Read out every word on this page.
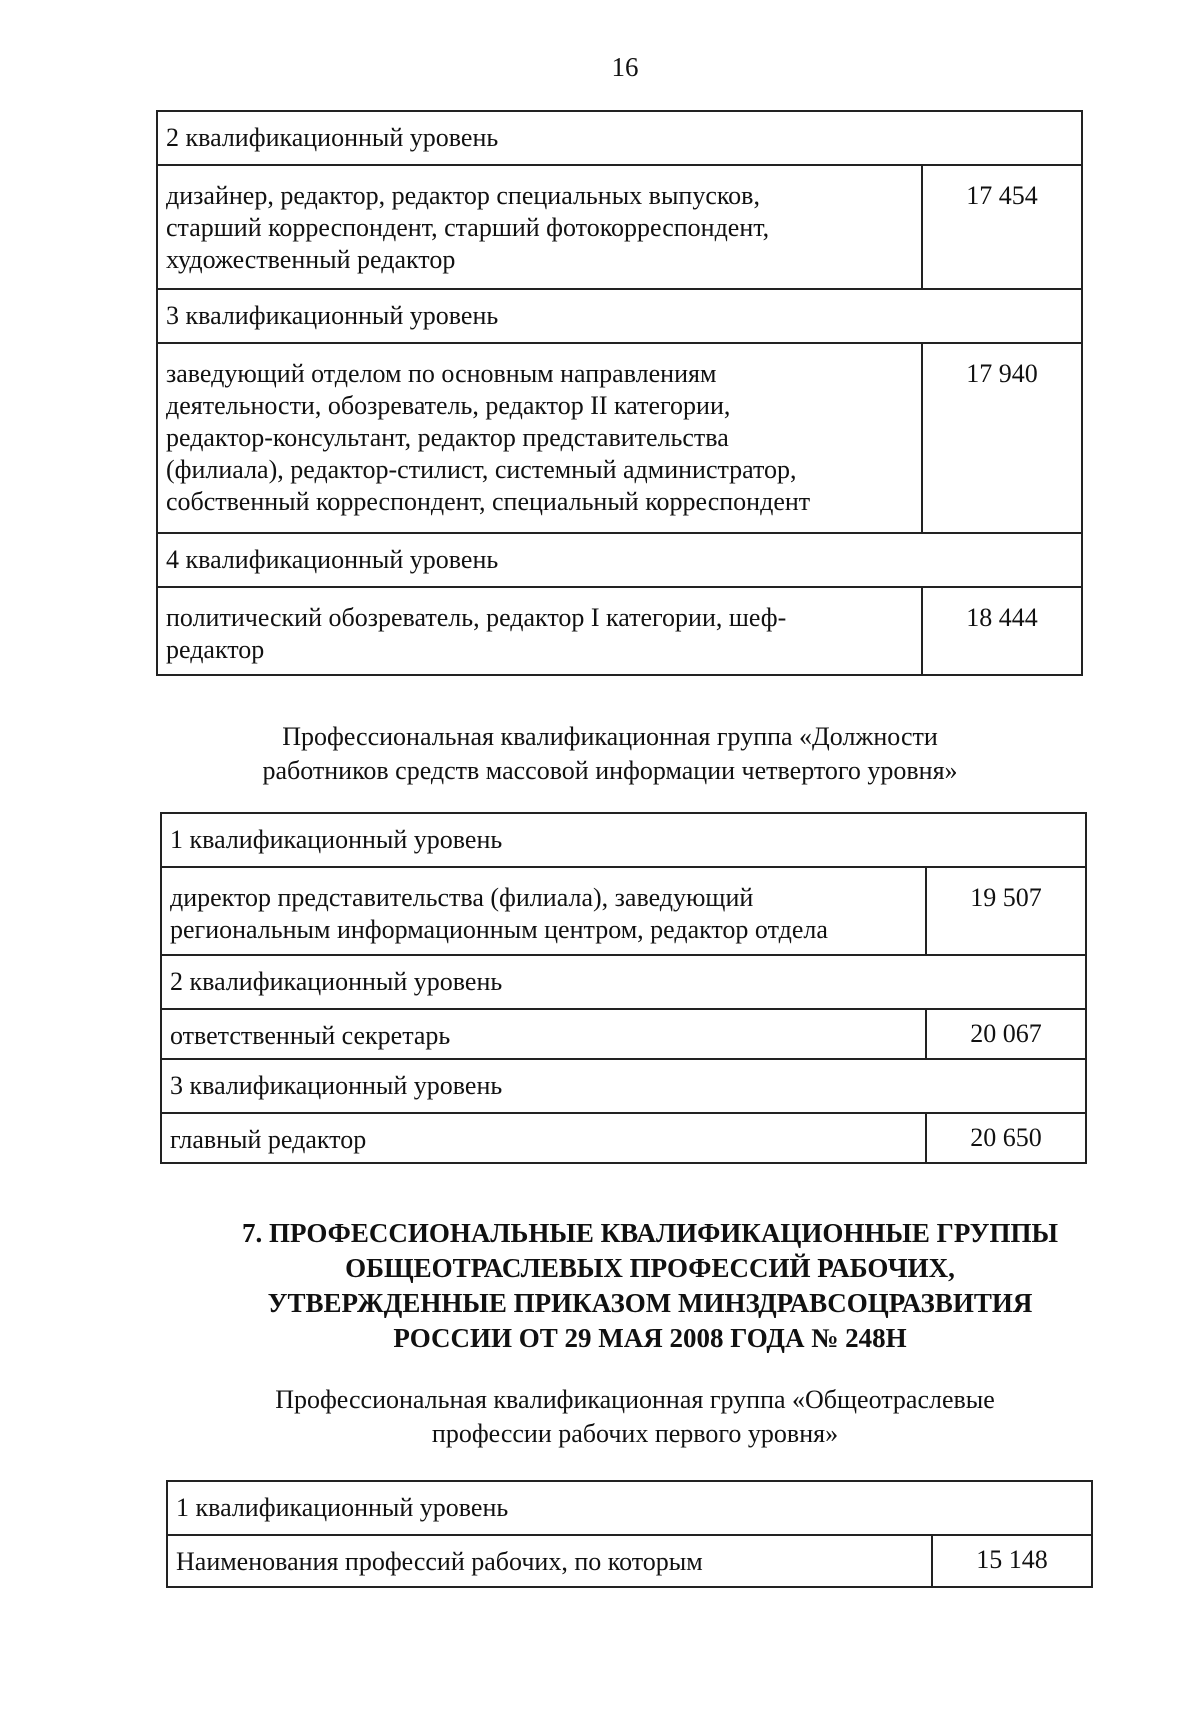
16
2 квалификационный уровень	

дизайнер, редактор, редактор специальных выпусков,
старший корреспондент, старший фотокорреспондент,
художественный редактор	17 454
3 квалификационный уровень	

заведующий отделом по основным направлениям
деятельности, обозреватель, редактор II категории,
редактор-консультант, редактор представительства
(филиала), редактор-стилист, системный администратор,
собственный корреспондент, специальный корреспондент	17 940
4 квалификационный уровень	

политический обозреватель, редактор I категории, шеф-
редактор	18 444
Профессиональная квалификационная группа «Должности
работников средств массовой информации четвертого уровня»
1 квалификационный уровень	

директор представительства (филиала), заведующий
региональным информационным центром, редактор отдела	19 507
2 квалификационный уровень	

ответственный секретарь	20 067
3 квалификационный уровень	

главный редактор	20 650
7. ПРОФЕССИОНАЛЬНЫЕ КВАЛИФИКАЦИОННЫЕ ГРУППЫ
ОБЩЕОТРАСЛЕВЫХ ПРОФЕССИЙ РАБОЧИХ,
УТВЕРЖДЕННЫЕ ПРИКАЗОМ МИНЗДРАВСОЦРАЗВИТИЯ
РОССИИ ОТ 29 МАЯ 2008 ГОДА № 248Н
Профессиональная квалификационная группа «Общеотраслевые
профессии рабочих первого уровня»
1 квалификационный уровень

Наименования профессий рабочих, по которым	15 148
